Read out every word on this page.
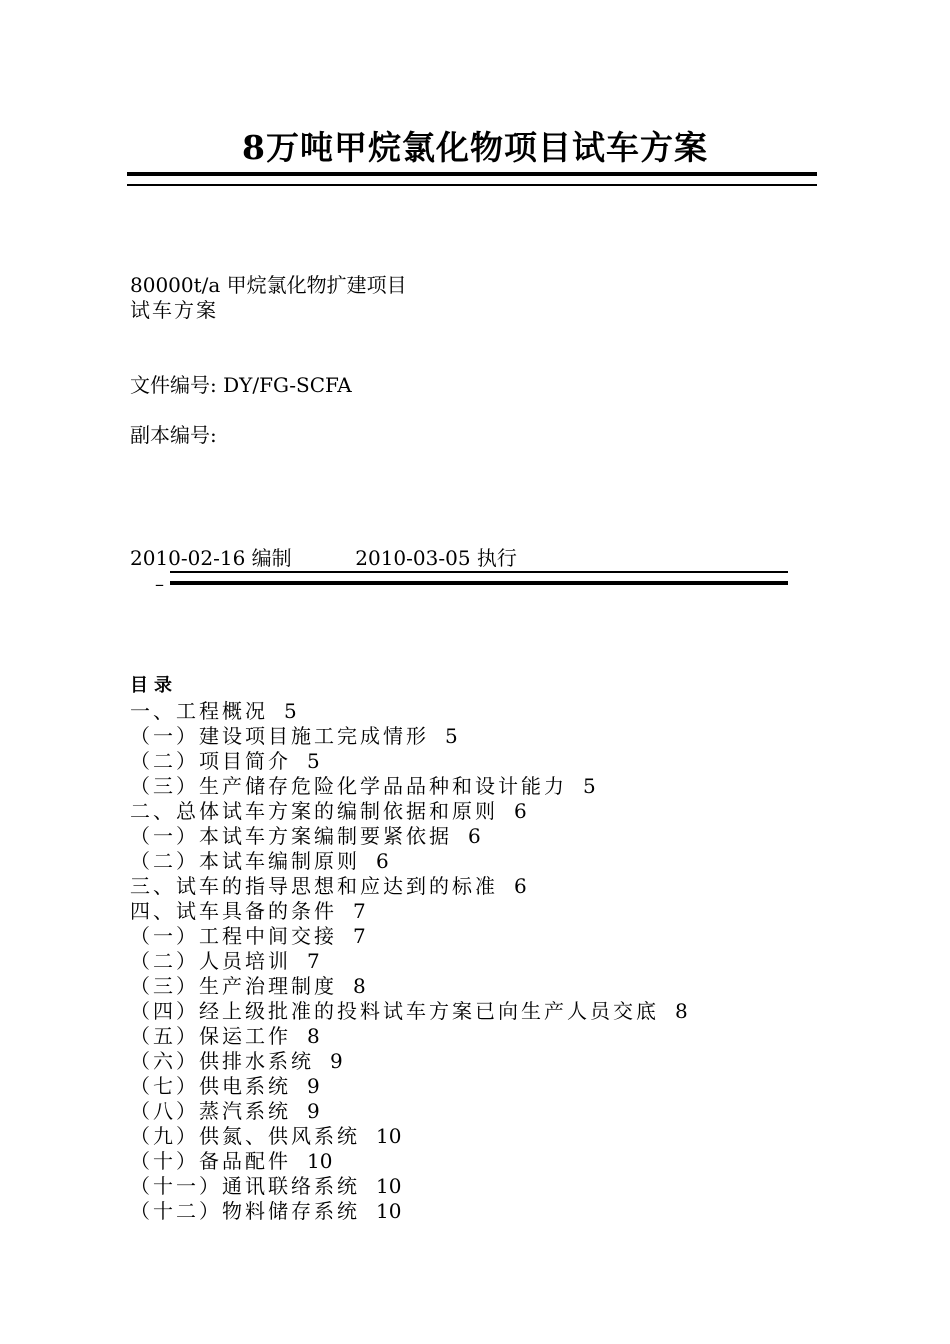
8万吨甲烷氯化物项目试车方案
80000t/a 甲烷氯化物扩建项目
试车方案
文件编号: DY/FG-SCFA
副本编号:
2010-02-16 编制          2010-03-05 执行
–
目录
一、工程概况 5
（一）建设项目施工完成情形 5
（二）项目简介 5
（三）生产储存危险化学品品种和设计能力 5
二、总体试车方案的编制依据和原则 6
（一）本试车方案编制要紧依据 6
（二）本试车编制原则 6
三、试车的指导思想和应达到的标准 6
四、试车具备的条件 7
（一）工程中间交接 7
（二）人员培训 7
（三）生产治理制度 8
（四）经上级批准的投料试车方案已向生产人员交底 8
（五）保运工作 8
（六）供排水系统 9
（七）供电系统 9
（八）蒸汽系统 9
（九）供氮、供风系统 10
（十）备品配件 10
（十一）通讯联络系统 10
（十二）物料储存系统 10
